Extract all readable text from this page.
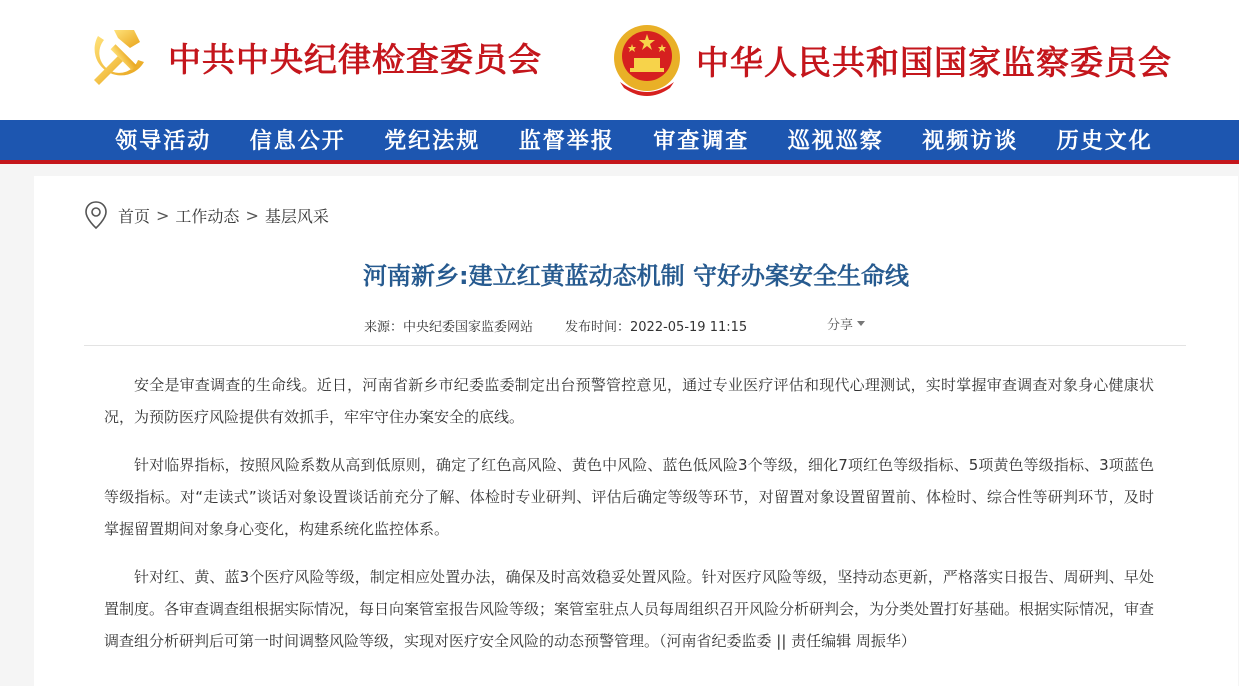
中共中央纪律检查委员会	中华人民共和国国家监察委员会
领导活动	信息公开	党纪法规	监督举报	审查调查	巡视巡察	视频访谈	历史文化
首页 > 工作动态 > 基层风采
河南新乡:建立红黄蓝动态机制 守好办案安全生命线
来源：中央纪委国家监委网站 发布时间：2022-05-19 11:15	分享

安全是审查调查的生命线。近日，河南省新乡市纪委监委制定出台预警管控意见，通过专业医疗评估和现代心理测试，实时掌握审查调查对象身心健康状况，为预防医疗风险提供有效抓手，牢牢守住办案安全的底线。

针对临界指标，按照风险系数从高到低原则，确定了红色高风险、黄色中风险、蓝色低风险3个等级，细化7项红色等级指标、5项黄色等级指标、3项蓝色等级指标。对“走读式”谈话对象设置谈话前充分了解、体检时专业研判、评估后确定等级等环节，对留置对象设置留置前、体检时、综合性等研判环节，及时掌握留置期间对象身心变化，构建系统化监控体系。

针对红、黄、蓝3个医疗风险等级，制定相应处置办法，确保及时高效稳妥处置风险。针对医疗风险等级，坚持动态更新，严格落实日报告、周研判、早处置制度。各审查调查组根据实际情况，每日向案管室报告风险等级；案管室驻点人员每周组织召开风险分析研判会，为分类处置打好基础。根据实际情况，审查调查组分析研判后可第一时间调整风险等级，实现对医疗安全风险的动态预警管理。（河南省纪委监委 || 责任编辑 周振华）
